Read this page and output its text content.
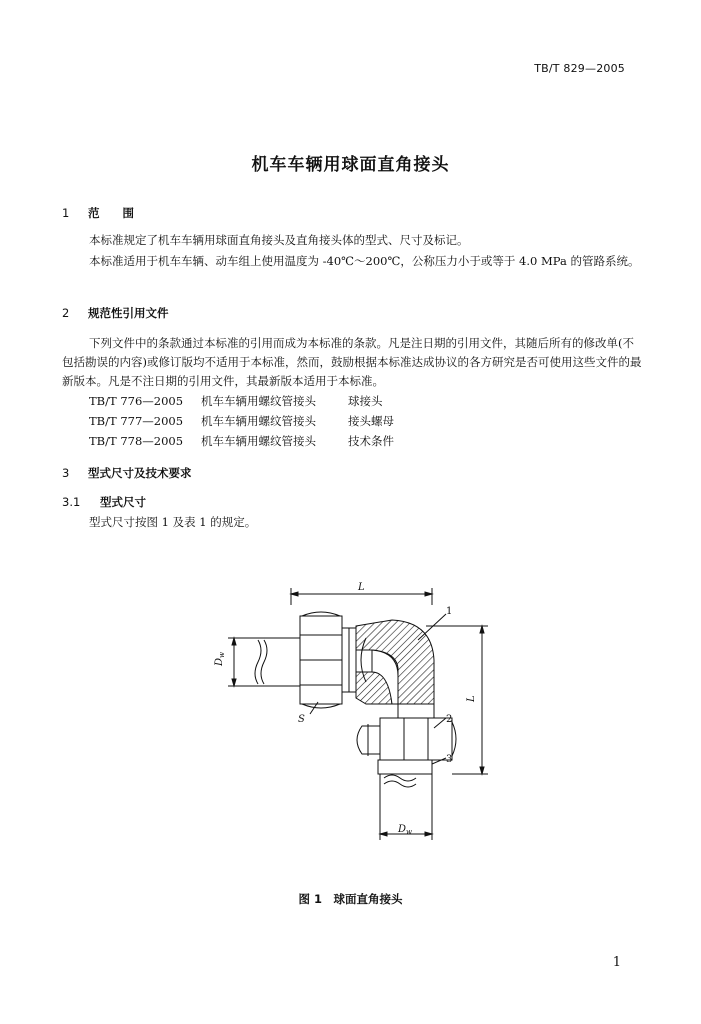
TB/T 829—2005
机车车辆用球面直角接头
1 范　　围
本标准规定了机车车辆用球面直角接头及直角接头体的型式、尺寸及标记。
本标准适用于机车车辆、动车组上使用温度为 -40℃～200℃，公称压力小于或等于 4.0 MPa 的管路系统。
2 规范性引用文件
下列文件中的条款通过本标准的引用而成为本标准的条款。凡是注日期的引用文件，其随后所有的修改单(不包括勘误的内容)或修订版均不适用于本标准，然而，鼓励根据本标准达成协议的各方研究是否可使用这些文件的最新版本。凡是不注日期的引用文件，其最新版本适用于本标准。
TB/T 776—2005 机车车辆用螺纹管接头	球接头
TB/T 777—2005 机车车辆用螺纹管接头	接头螺母
TB/T 778—2005 机车车辆用螺纹管接头	技术条件
3 型式尺寸及技术要求
3.1 型式尺寸
型式尺寸按图 1 及表 1 的规定。
L
$D_w$
L
S
1
2
3
$D_w$
图 1　球面直角接头
1
